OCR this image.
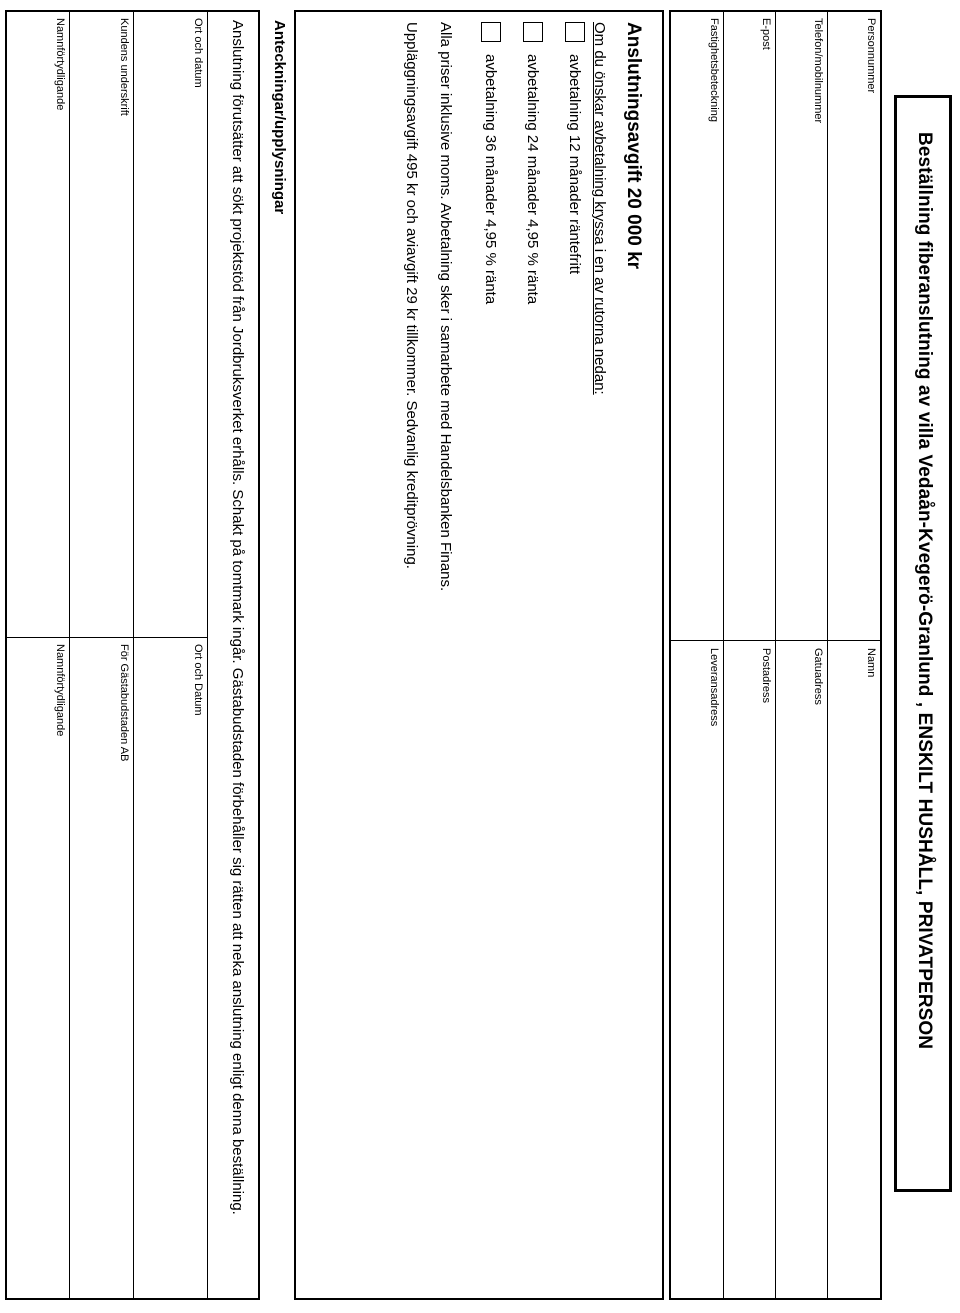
Beställning fiberanslutning av villa Vedaån-Kvegerö-Granlund , ENSKILT HUSHÅLL, PRIVATPERSON
Personnummer
Namn
Telefon/mobilnummer
Gatuadress
E-post
Postadress
Fastighetsbeteckning
Leveransadress
Anslutningsavgift 20 000 kr
Om du önskar avbetalning kryssa i en av rutorna nedan:
avbetalning 12 månader räntefritt
avbetalning 24 månader 4,95 % ränta
avbetalning 36 månader 4,95 % ränta
Alla priser inklusive moms. Avbetalning sker i samarbete med Handelsbanken Finans.
Uppläggningsavgift 495 kr och aviavgift 29 kr tillkommer. Sedvanlig kreditprövning.
Anteckningar/upplysningar
Anslutning förutsätter att sökt projektstöd från Jordbruksverket erhålls. Schakt på tomtmark ingår. Gästabudstaden förbehåller sig rätten att neka anslutning enligt denna beställning.
Ort och datum
Ort och Datum
Kundens underskrift
För Gästabudstaden AB
Namnförtydligande
Namnförtydligande
